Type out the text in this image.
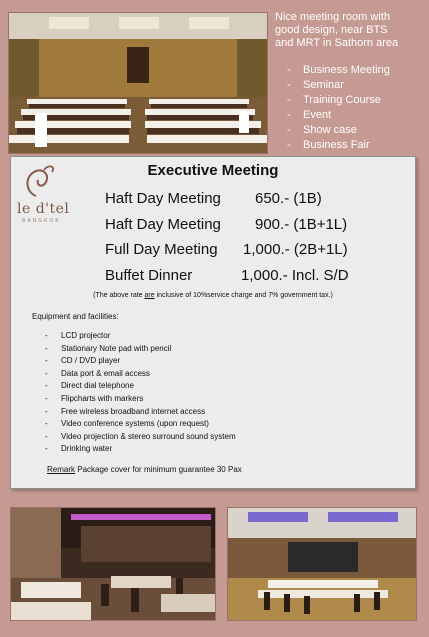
Nice meeting room with
good design, near BTS
and MRT in Sathorn area
- Business Meeting
- Seminar
- Training Course
- Event
- Show case
- Business Fair
le d'tel
BANGKOK
Executive Meeting
Haft Day Meeting 650.- (1B)
Haft Day Meeting 900.- (1B+1L)
Full Day Meeting 1,000.- (2B+1L)
Buffet Dinner	1,000.- Incl. S/D
(The above rate are inclusive of 10%service charge and 7% government tax.)
Equipment and facilities:
- LCD projector
- Stationary Note pad with pencil
- CD / DVD player
- Data port & email access
- Direct dial telephone
- Flipcharts with markers
- Free wireless broadband internet access
- Video conference systems (upon request)
- Video projection & stereo surround sound system
- Drinking water
Remark Package cover for minimum guarantee 30 Pax
